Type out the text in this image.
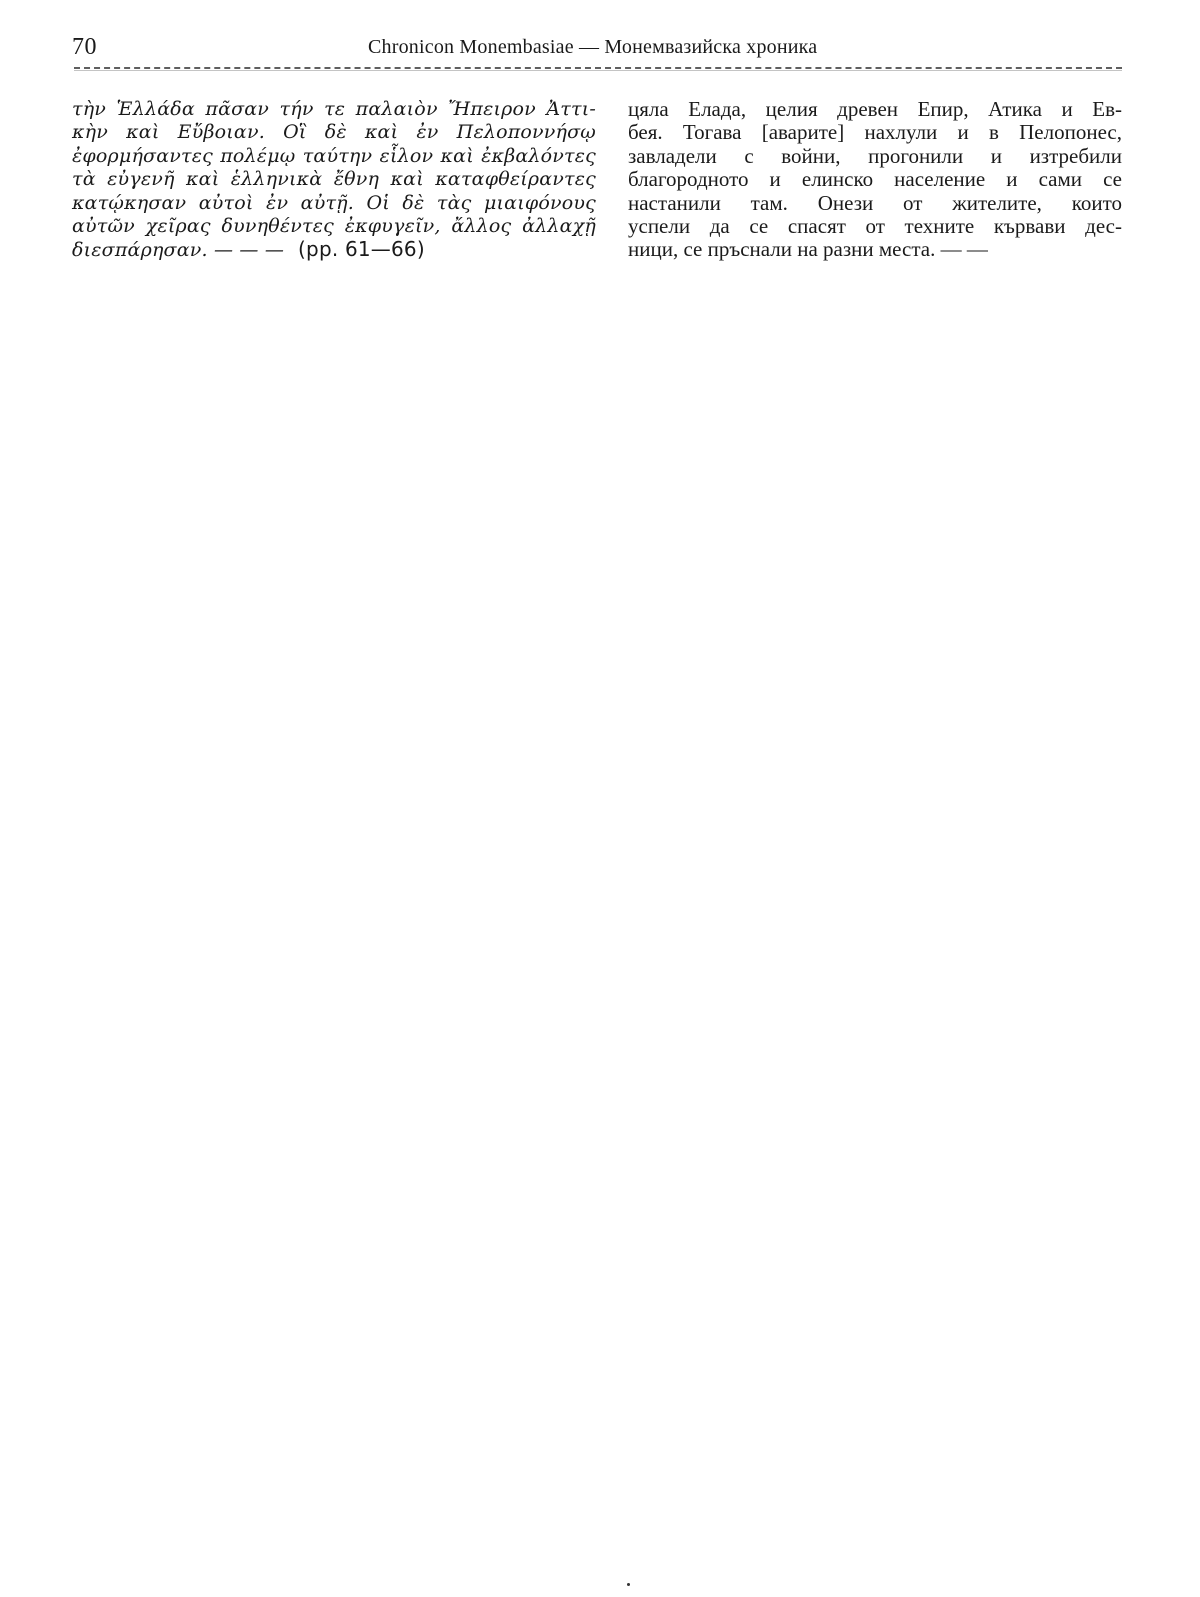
70	Chronicon Monembasiae — Монемвазийска хроника
τὴν Ἑλλάδα πᾶσαν τήν τε παλαιὸν Ἤπειρον Ἀττι-
κὴν καὶ Εὔβοιαν. Οἳ δὲ καὶ ἐν Πελοποννήσῳ
ἐφορμήσαντες πολέμῳ ταύτην εἷλον καὶ ἐκβαλόντες
τὰ εὐγενῆ καὶ ἑλληνικὰ ἔθνη καὶ καταφθείραντες
κατῴκησαν αὐτοὶ ἐν αὐτῇ. Οἱ δὲ τὰς μιαιφόνους
αὐτῶν χεῖρας δυνηθέντες ἐκφυγεῖν, ἄλλος ἀλλαχῇ
διεσπάρησαν. — — — (pp. 61—66)
цяла Елада, целия древен Епир, Атика и Ев-
бея. Тогава [аварите] нахлули и в Пелопонес,
завладели с войни, прогонили и изтребили
благородното и елинско население и сами се
настанили там. Онези от жителите, които
успели да се спасят от техните кървави дес-
ници, се пръснали на разни места. — —
